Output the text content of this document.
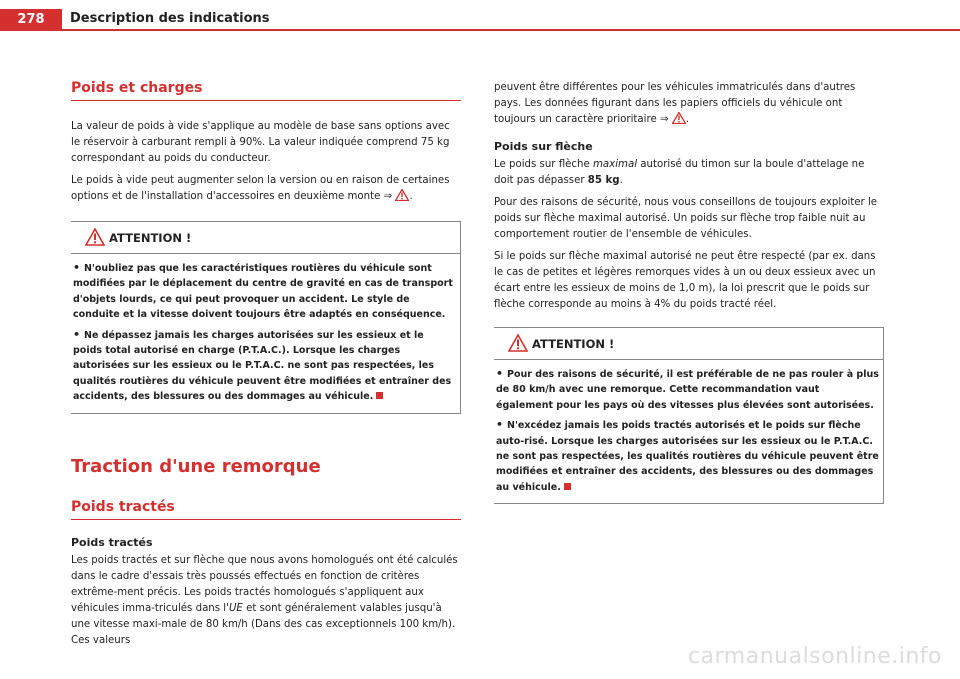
278	Description des indications
Poids et charges

La valeur de poids à vide s'applique au modèle de base sans options avec le réservoir à carburant rempli à 90%. La valeur indiquée comprend 75 kg correspondant au poids du conducteur.

Le poids à vide peut augmenter selon la version ou en raison de certaines options et de l'installation d'accessoires en deuxième monte ⇒ .

ATTENTION !
• N'oubliez pas que les caractéristiques routières du véhicule sont modifiées par le déplacement du centre de gravité en cas de transport d'objets lourds, ce qui peut provoquer un accident. Le style de conduite et la vitesse doivent toujours être adaptés en conséquence.
• Ne dépassez jamais les charges autorisées sur les essieux et le poids total autorisé en charge (P.T.A.C.). Lorsque les charges autorisées sur les essieux ou le P.T.A.C. ne sont pas respectées, les qualités routières du véhicule peuvent être modifiées et entraîner des accidents, des blessures ou des dommages au véhicule.
Traction d'une remorque
Poids tractés
Poids tractés

Les poids tractés et sur flèche que nous avons homologués ont été calculés dans le cadre d'essais très poussés effectués en fonction de critères extrême-ment précis. Les poids tractés homologués s'appliquent aux véhicules imma-triculés dans l'UE et sont généralement valables jusqu'à une vitesse maxi-male de 80 km/h (Dans des cas exceptionnels 100 km/h). Ces valeurs

peuvent être différentes pour les véhicules immatriculés dans d'autres pays. Les données figurant dans les papiers officiels du véhicule ont toujours un caractère prioritaire ⇒ .

Poids sur flèche

Le poids sur flèche maximal autorisé du timon sur la boule d'attelage ne doit pas dépasser 85 kg.

Pour des raisons de sécurité, nous vous conseillons de toujours exploiter le poids sur flèche maximal autorisé. Un poids sur flèche trop faible nuit au comportement routier de l'ensemble de véhicules.

Si le poids sur flèche maximal autorisé ne peut être respecté (par ex. dans le cas de petites et légères remorques vides à un ou deux essieux avec un écart entre les essieux de moins de 1,0 m), la loi prescrit que le poids sur flèche corresponde au moins à 4% du poids tracté réel.

ATTENTION !
• Pour des raisons de sécurité, il est préférable de ne pas rouler à plus de 80 km/h avec une remorque. Cette recommandation vaut également pour les pays où des vitesses plus élevées sont autorisées.
• N'excédez jamais les poids tractés autorisés et le poids sur flèche auto-risé. Lorsque les charges autorisées sur les essieux ou le P.T.A.C. ne sont pas respectées, les qualités routières du véhicule peuvent être modifiées et entraîner des accidents, des blessures ou des dommages au véhicule.
carmanualsonline.info
